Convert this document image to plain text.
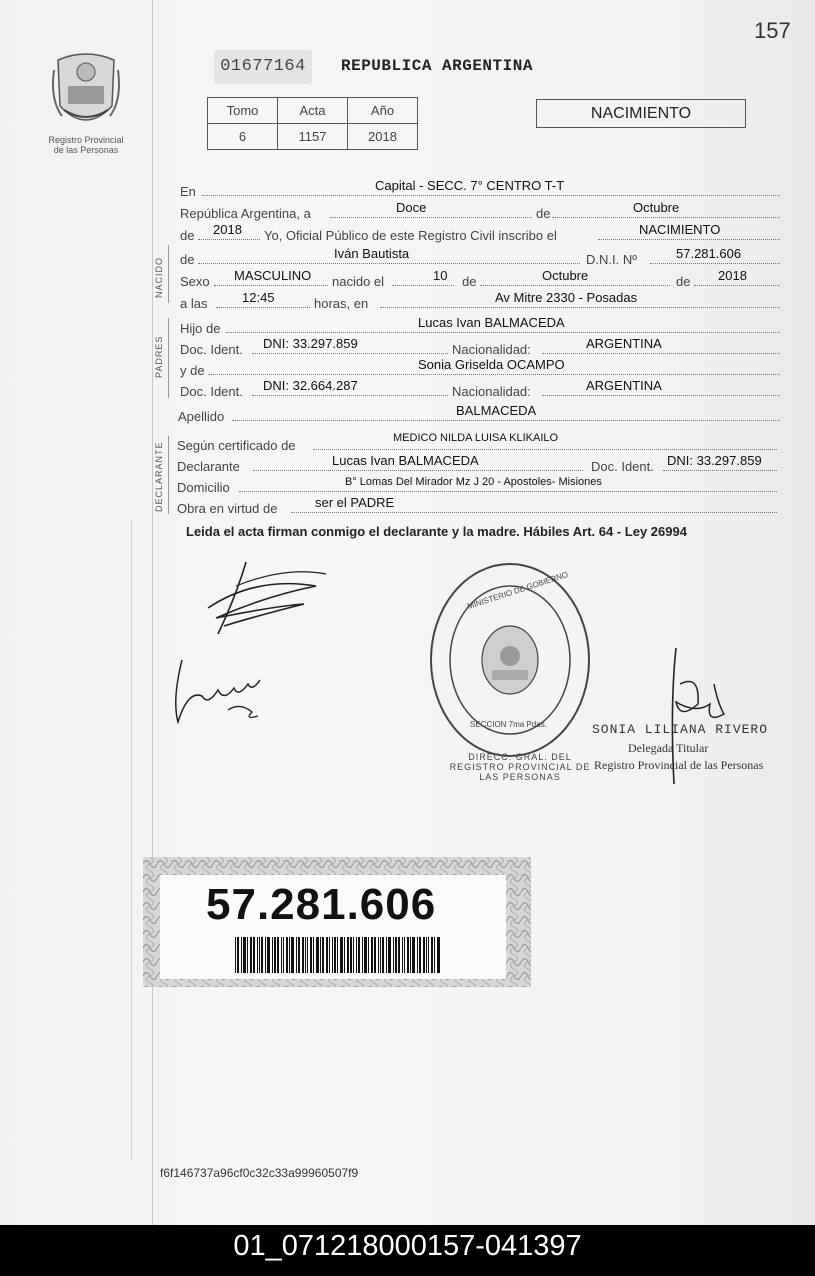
157
Registro Provincial
de las Personas
01677164	REPUBLICA ARGENTINA
Tomo	Acta	Año
6	1157	2018
NACIMIENTO
En	Capital - SECC. 7° CENTRO T-T
República Argentina, a	Doce	de	Octubre
de 2018 Yo, Oficial Público de este Registro Civil inscribo el	NACIMIENTO
NACIDO de	Iván Bautista	D.N.I. Nº	57.281.606
Sexo MASCULINO nacido el	10 de	Octubre	de 2018
a las	12:45	horas, en	Av Mitre 2330 - Posadas
PADRES
Hijo de	Lucas Ivan BALMACEDA
Doc. Ident. DNI: 33.297.859	Nacionalidad:	ARGENTINA
y de	Sonia Griselda OCAMPO
Doc. Ident. DNI: 32.664.287	Nacionalidad:	ARGENTINA
Apellido	BALMACEDA
DECLARANTE Según certificado de	MEDICO NILDA LUISA KLIKAILO
Declarante	Lucas Ivan BALMACEDA	Doc. Ident. DNI: 33.297.859
Domicilio	B° Lomas Del Mirador Mz J 20 - Apostoles- Misiones
Obra en virtud de	ser el PADRE
Leida el acta firman conmigo el declarante y la madre. Hábiles Art. 64 - Ley 26994
MINISTERIO DE GOBIERNO
DIRECC. GRAL. DEL REGISTRO PROVINCIAL DE LAS PERSONAS
SECCION 7ma Pdas.	SONIA LILIANA RIVERO
Delegada Titular
Registro Provincial de las Personas
57.281.606
f6f146737a96cf0c32c33a99960507f9
01_071218000157-041397
